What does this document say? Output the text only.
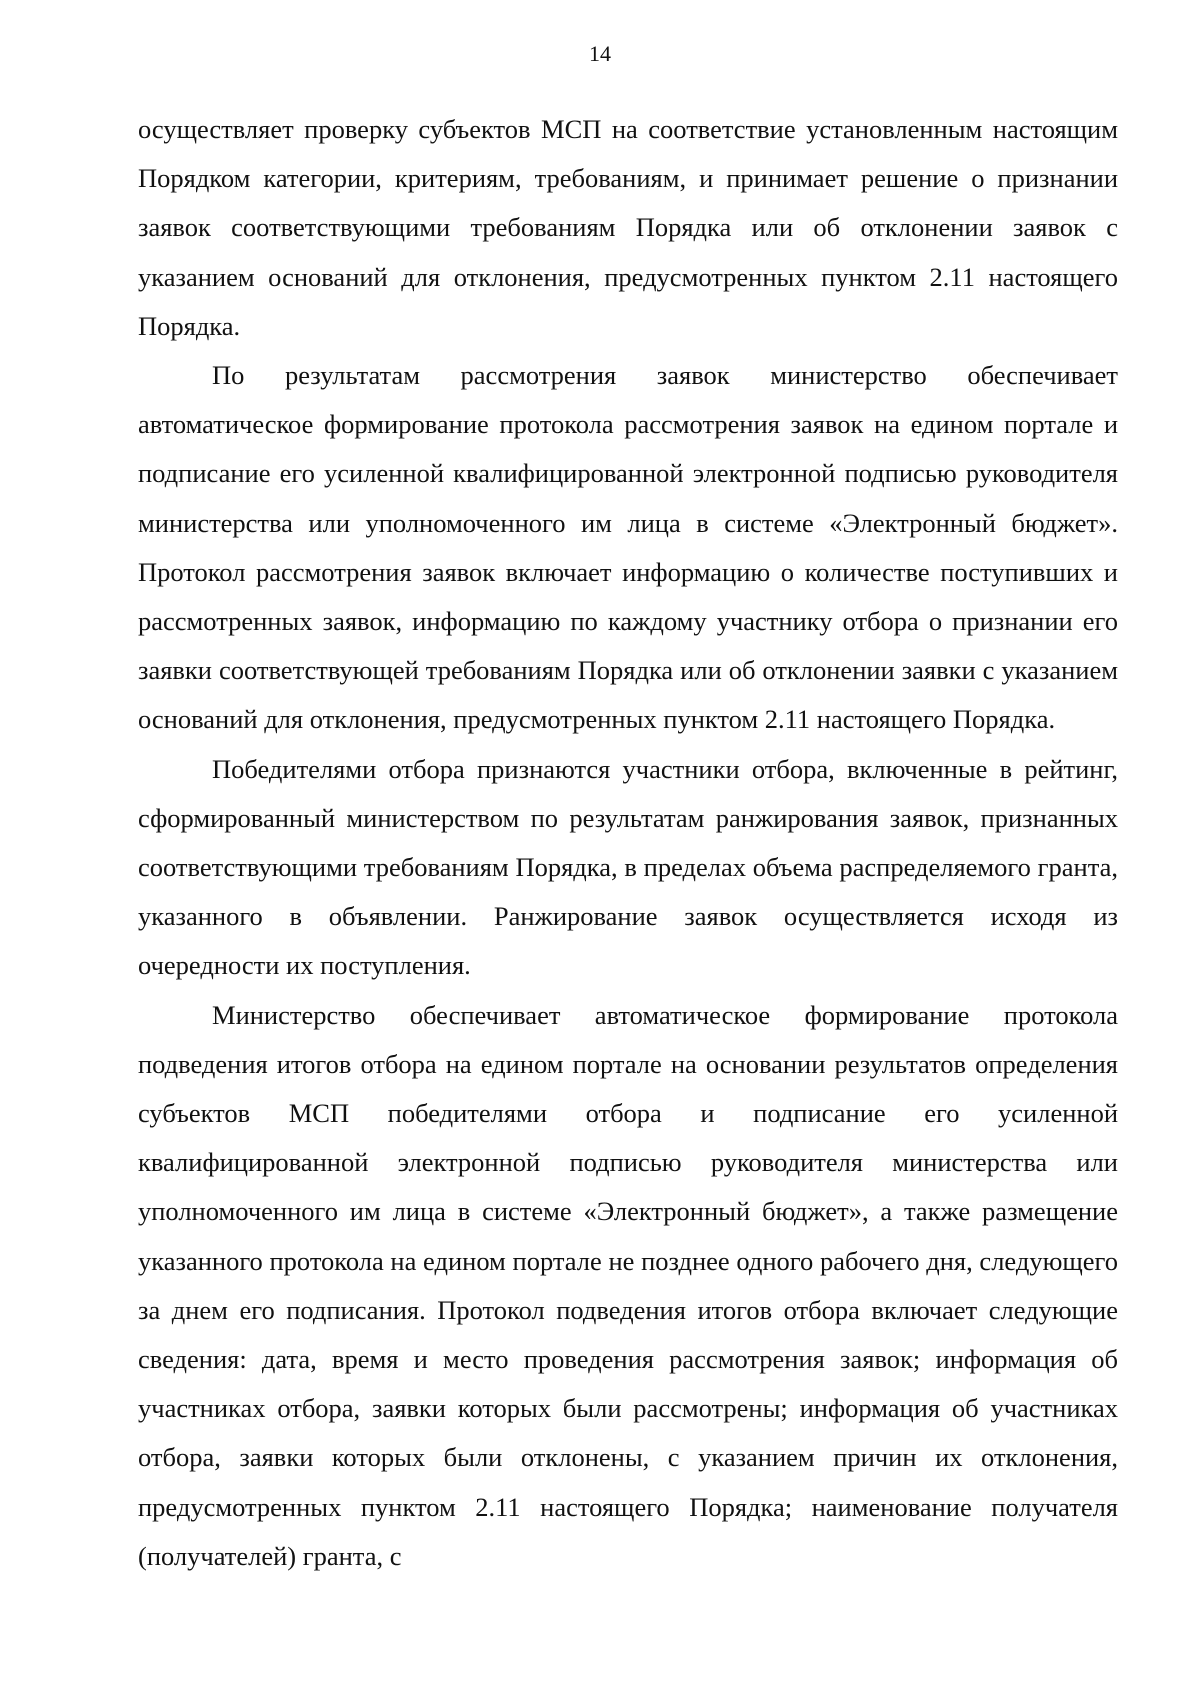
14

осуществляет проверку субъектов МСП на соответствие установленным настоящим Порядком категории, критериям, требованиям, и принимает решение о признании заявок соответствующими требованиям Порядка или об отклонении заявок с указанием оснований для отклонения, предусмотренных пунктом 2.11 настоящего Порядка.

По результатам рассмотрения заявок министерство обеспечивает автоматическое формирование протокола рассмотрения заявок на едином портале и подписание его усиленной квалифицированной электронной подписью руководителя министерства или уполномоченного им лица в системе «Электронный бюджет». Протокол рассмотрения заявок включает информацию о количестве поступивших и рассмотренных заявок, информацию по каждому участнику отбора о признании его заявки соответствующей требованиям Порядка или об отклонении заявки с указанием оснований для отклонения, предусмотренных пунктом 2.11 настоящего Порядка.

Победителями отбора признаются участники отбора, включенные в рейтинг, сформированный министерством по результатам ранжирования заявок, признанных соответствующими требованиям Порядка, в пределах объема распределяемого гранта, указанного в объявлении. Ранжирование заявок осуществляется исходя из очередности их поступления.

Министерство обеспечивает автоматическое формирование протокола подведения итогов отбора на едином портале на основании результатов определения субъектов МСП победителями отбора и подписание его усиленной квалифицированной электронной подписью руководителя министерства или уполномоченного им лица в системе «Электронный бюджет», а также размещение указанного протокола на едином портале не позднее одного рабочего дня, следующего за днем его подписания. Протокол подведения итогов отбора включает следующие сведения: дата, время и место проведения рассмотрения заявок; информация об участниках отбора, заявки которых были рассмотрены; информация об участниках отбора, заявки которых были отклонены, с указанием причин их отклонения, предусмотренных пунктом 2.11 настоящего Порядка; наименование получателя (получателей) гранта, с
